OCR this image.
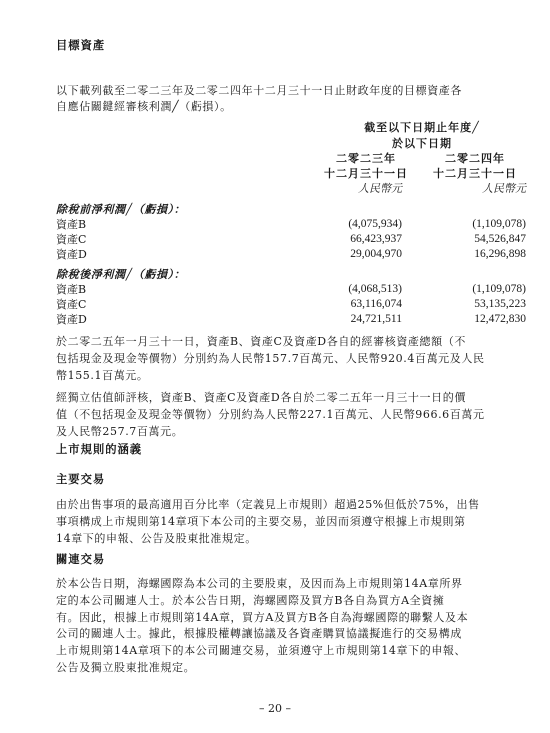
目標資產
以下載列截至二零二三年及二零二四年十二月三十一日止財政年度的目標資產各
自應佔關鍵經審核利潤╱（虧損）。
截至以下日期止年度╱
於以下日期
二零二三年	二零二四年
十二月三十一日	十二月三十一日
人民幣元	人民幣元
除稅前淨利潤╱（虧損）：
資產B	(4,075,934)	(1,109,078)
資產C	66,423,937	54,526,847
資產D	29,004,970	16,296,898
除稅後淨利潤╱（虧損）：
資產B	(4,068,513)	(1,109,078)
資產C	63,116,074	53,135,223
資產D	24,721,511	12,472,830
於二零二五年一月三十一日，資產B、資產C及資產D各自的經審核資產總額（不
包括現金及現金等價物）分別約為人民幣157.7百萬元、人民幣920.4百萬元及人民
幣155.1百萬元。
經獨立估值師評核，資產B、資產C及資產D各自於二零二五年一月三十一日的價
值（不包括現金及現金等價物）分別約為人民幣227.1百萬元、人民幣966.6百萬元
及人民幣257.7百萬元。
上市規則的涵義
主要交易
由於出售事項的最高適用百分比率（定義見上市規則）超過25%但低於75%，出售
事項構成上市規則第14章項下本公司的主要交易，並因而須遵守根據上市規則第
14章下的申報、公告及股東批准規定。
關連交易
於本公告日期，海螺國際為本公司的主要股東，及因而為上市規則第14A章所界
定的本公司關連人士。於本公告日期，海螺國際及買方B各自為買方A全資擁
有。因此，根據上市規則第14A章，買方A及買方B各自為海螺國際的聯繫人及本
公司的關連人士。據此，根據股權轉讓協議及各資產購買協議擬進行的交易構成
上市規則第14A章項下的本公司關連交易，並須遵守上市規則第14章下的申報、
公告及獨立股東批准規定。
– 20 –
